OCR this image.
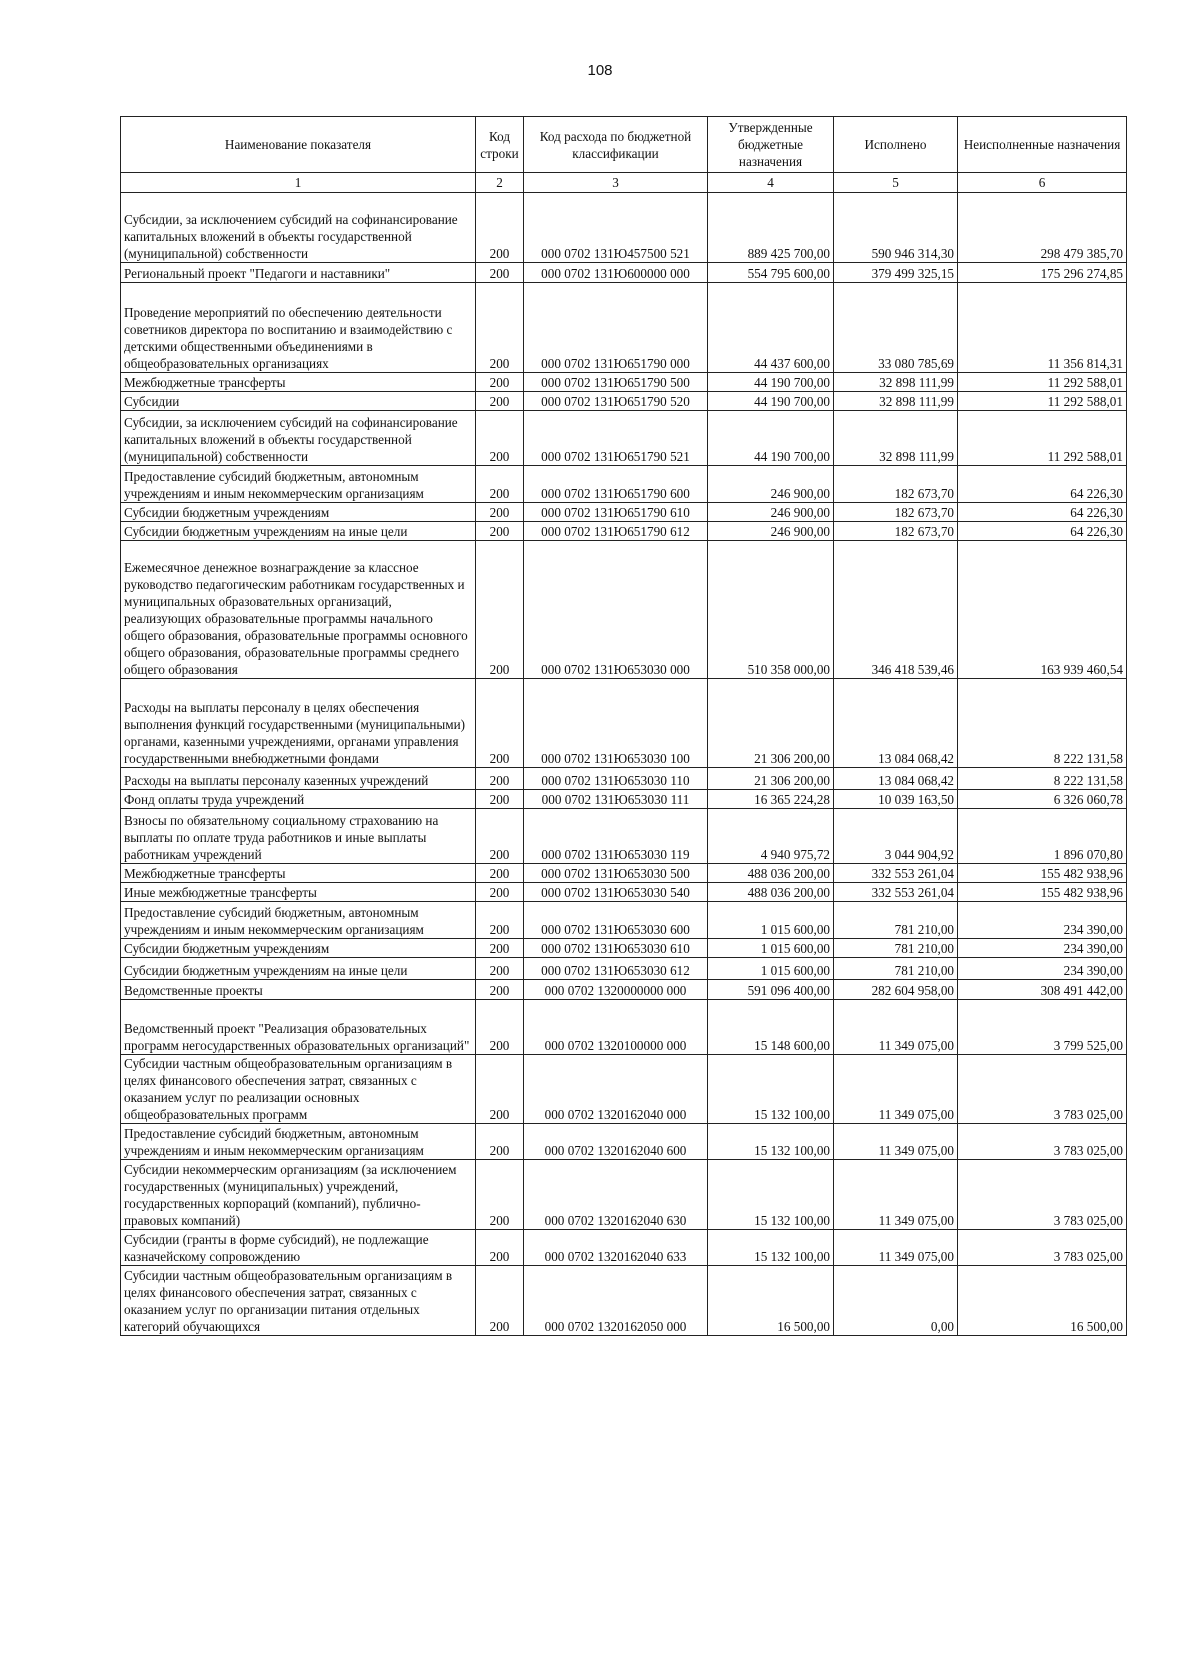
108
Наименование показателя	Код строки	Код расхода по бюджетной классификации	Утвержденные бюджетные назначения	Исполнено	Неисполненные назначения
1	2	3	4	5	6
Субсидии, за исключением субсидий на софинансирование капитальных вложений в объекты государственной (муниципальной) собственности	200	000 0702 131Ю457500 521	889 425 700,00	590 946 314,30	298 479 385,70
Региональный проект "Педагоги и наставники"	200	000 0702 131Ю600000 000	554 795 600,00	379 499 325,15	175 296 274,85
Проведение мероприятий по обеспечению деятельности советников директора по воспитанию и взаимодействию с детскими общественными объединениями в общеобразовательных организациях	200	000 0702 131Ю651790 000	44 437 600,00	33 080 785,69	11 356 814,31
Межбюджетные трансферты	200	000 0702 131Ю651790 500	44 190 700,00	32 898 111,99	11 292 588,01
Субсидии	200	000 0702 131Ю651790 520	44 190 700,00	32 898 111,99	11 292 588,01
Субсидии, за исключением субсидий на софинансирование капитальных вложений в объекты государственной (муниципальной) собственности	200	000 0702 131Ю651790 521	44 190 700,00	32 898 111,99	11 292 588,01
Предоставление субсидий бюджетным, автономным учреждениям и иным некоммерческим организациям	200	000 0702 131Ю651790 600	246 900,00	182 673,70	64 226,30
Субсидии бюджетным учреждениям	200	000 0702 131Ю651790 610	246 900,00	182 673,70	64 226,30
Субсидии бюджетным учреждениям на иные цели	200	000 0702 131Ю651790 612	246 900,00	182 673,70	64 226,30
Ежемесячное денежное вознаграждение за классное руководство педагогическим работникам государственных и муниципальных образовательных организаций, реализующих образовательные программы начального общего образования, образовательные программы основного общего образования, образовательные программы среднего общего образования	200	000 0702 131Ю653030 000	510 358 000,00	346 418 539,46	163 939 460,54
Расходы на выплаты персоналу в целях обеспечения выполнения функций государственными (муниципальными) органами, казенными учреждениями, органами управления государственными внебюджетными фондами	200	000 0702 131Ю653030 100	21 306 200,00	13 084 068,42	8 222 131,58
Расходы на выплаты персоналу казенных учреждений	200	000 0702 131Ю653030 110	21 306 200,00	13 084 068,42	8 222 131,58
Фонд оплаты труда учреждений	200	000 0702 131Ю653030 111	16 365 224,28	10 039 163,50	6 326 060,78
Взносы по обязательному социальному страхованию на выплаты по оплате труда работников и иные выплаты работникам учреждений	200	000 0702 131Ю653030 119	4 940 975,72	3 044 904,92	1 896 070,80
Межбюджетные трансферты	200	000 0702 131Ю653030 500	488 036 200,00	332 553 261,04	155 482 938,96
Иные межбюджетные трансферты	200	000 0702 131Ю653030 540	488 036 200,00	332 553 261,04	155 482 938,96
Предоставление субсидий бюджетным, автономным учреждениям и иным некоммерческим организациям	200	000 0702 131Ю653030 600	1 015 600,00	781 210,00	234 390,00
Субсидии бюджетным учреждениям	200	000 0702 131Ю653030 610	1 015 600,00	781 210,00	234 390,00
Субсидии бюджетным учреждениям на иные цели	200	000 0702 131Ю653030 612	1 015 600,00	781 210,00	234 390,00
Ведомственные проекты	200	000 0702 1320000000 000	591 096 400,00	282 604 958,00	308 491 442,00
Ведомственный проект "Реализация образовательных программ негосударственных образовательных организаций"	200	000 0702 1320100000 000	15 148 600,00	11 349 075,00	3 799 525,00
Субсидии частным общеобразовательным организациям в целях финансового обеспечения затрат, связанных с оказанием услуг по реализации основных общеобразовательных программ	200	000 0702 1320162040 000	15 132 100,00	11 349 075,00	3 783 025,00
Предоставление субсидий бюджетным, автономным учреждениям и иным некоммерческим организациям	200	000 0702 1320162040 600	15 132 100,00	11 349 075,00	3 783 025,00
Субсидии некоммерческим организациям (за исключением государственных (муниципальных) учреждений, государственных корпораций (компаний), публично-правовых компаний)	200	000 0702 1320162040 630	15 132 100,00	11 349 075,00	3 783 025,00
Субсидии (гранты в форме субсидий), не подлежащие казначейскому сопровождению	200	000 0702 1320162040 633	15 132 100,00	11 349 075,00	3 783 025,00
Субсидии частным общеобразовательным организациям в целях финансового обеспечения затрат, связанных с оказанием услуг по организации питания отдельных категорий обучающихся	200	000 0702 1320162050 000	16 500,00	0,00	16 500,00
